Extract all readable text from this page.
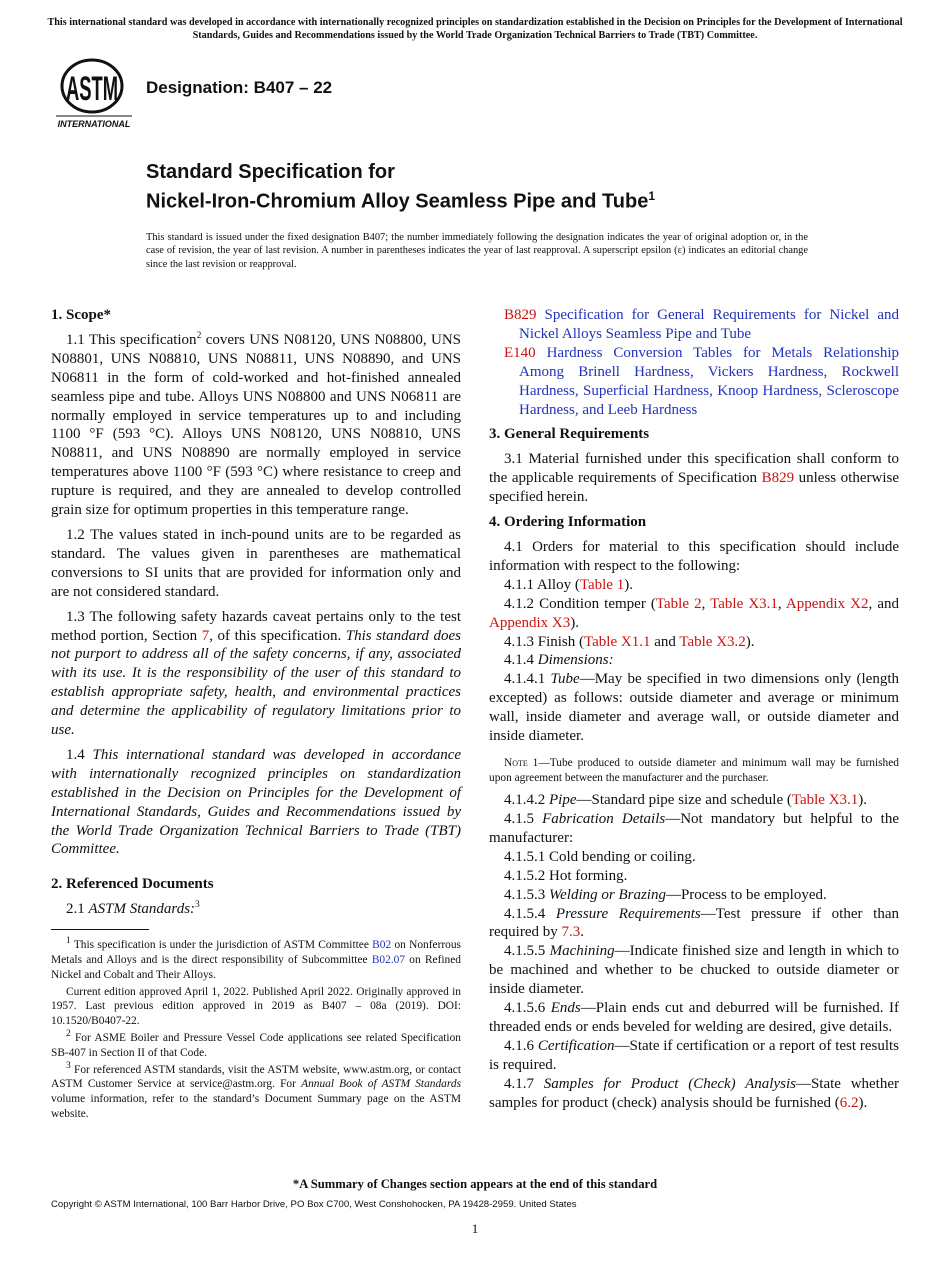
This international standard was developed in accordance with internationally recognized principles on standardization established in the Decision on Principles for the Development of International Standards, Guides and Recommendations issued by the World Trade Organization Technical Barriers to Trade (TBT) Committee.
ASTM
INTERNATIONAL
Designation: B407 – 22
Standard Specification for
Nickel-Iron-Chromium Alloy Seamless Pipe and Tube$^1$
This standard is issued under the fixed designation B407; the number immediately following the designation indicates the year of original adoption or, in the case of revision, the year of last revision. A number in parentheses indicates the year of last reapproval. A superscript epsilon (ε) indicates an editorial change since the last revision or reapproval.
1. Scope*

1.1 This specification$^2$ covers UNS N08120, UNS N08800, UNS N08801, UNS N08810, UNS N08811, UNS N08890, and UNS N06811 in the form of cold-worked and hot-finished annealed seamless pipe and tube. Alloys UNS N08800 and UNS N06811 are normally employed in service temperatures up to and including 1100 °F (593 °C). Alloys UNS N08120, UNS N08810, UNS N08811, and UNS N08890 are normally employed in service temperatures above 1100 °F (593 °C) where resistance to creep and rupture is required, and they are annealed to develop controlled grain size for optimum properties in this temperature range.

1.2 The values stated in inch-pound units are to be regarded as standard. The values given in parentheses are mathematical conversions to SI units that are provided for information only and are not considered standard.

1.3 The following safety hazards caveat pertains only to the test method portion, Section 7, of this specification. This standard does not purport to address all of the safety concerns, if any, associated with its use. It is the responsibility of the user of this standard to establish appropriate safety, health, and environmental practices and determine the applicability of regulatory limitations prior to use.

1.4 This international standard was developed in accordance with internationally recognized principles on standardization established in the Decision on Principles for the Development of International Standards, Guides and Recommendations issued by the World Trade Organization Technical Barriers to Trade (TBT) Committee.

2. Referenced Documents

2.1 ASTM Standards:$^3$

$^1$ This specification is under the jurisdiction of ASTM Committee B02 on Nonferrous Metals and Alloys and is the direct responsibility of Subcommittee B02.07 on Refined Nickel and Cobalt and Their Alloys.

Current edition approved April 1, 2022. Published April 2022. Originally approved in 1957. Last previous edition approved in 2019 as B407 – 08a (2019). DOI: 10.1520/B0407-22.

$^2$ For ASME Boiler and Pressure Vessel Code applications see related Specification SB-407 in Section II of that Code.

$^3$ For referenced ASTM standards, visit the ASTM website, www.astm.org, or contact ASTM Customer Service at service@astm.org. For Annual Book of ASTM Standards volume information, refer to the standard’s Document Summary page on the ASTM website.

B829 Specification for General Requirements for Nickel and Nickel Alloys Seamless Pipe and Tube

E140 Hardness Conversion Tables for Metals Relationship Among Brinell Hardness, Vickers Hardness, Rockwell Hardness, Superficial Hardness, Knoop Hardness, Scleroscope Hardness, and Leeb Hardness

3. General Requirements

3.1 Material furnished under this specification shall conform to the applicable requirements of Specification B829 unless otherwise specified herein.

4. Ordering Information

4.1 Orders for material to this specification should include information with respect to the following:

4.1.1 Alloy (Table 1).

4.1.2 Condition temper (Table 2, Table X3.1, Appendix X2, and Appendix X3).

4.1.3 Finish (Table X1.1 and Table X3.2).

4.1.4 Dimensions:

4.1.4.1 Tube—May be specified in two dimensions only (length excepted) as follows: outside diameter and average or minimum wall, inside diameter and average wall, or outside diameter and inside diameter.

Note 1—Tube produced to outside diameter and minimum wall may be furnished upon agreement between the manufacturer and the purchaser.

4.1.4.2 Pipe—Standard pipe size and schedule (Table X3.1).

4.1.5 Fabrication Details—Not mandatory but helpful to the manufacturer:

4.1.5.1 Cold bending or coiling.

4.1.5.2 Hot forming.

4.1.5.3 Welding or Brazing—Process to be employed.

4.1.5.4 Pressure Requirements—Test pressure if other than required by 7.3.

4.1.5.5 Machining—Indicate finished size and length in which to be machined and whether to be chucked to outside diameter or inside diameter.

4.1.5.6 Ends—Plain ends cut and deburred will be furnished. If threaded ends or ends beveled for welding are desired, give details.

4.1.6 Certification—State if certification or a report of test results is required.

4.1.7 Samples for Product (Check) Analysis—State whether samples for product (check) analysis should be furnished (6.2).

*A Summary of Changes section appears at the end of this standard
Copyright © ASTM International, 100 Barr Harbor Drive, PO Box C700, West Conshohocken, PA 19428-2959. United States
1
